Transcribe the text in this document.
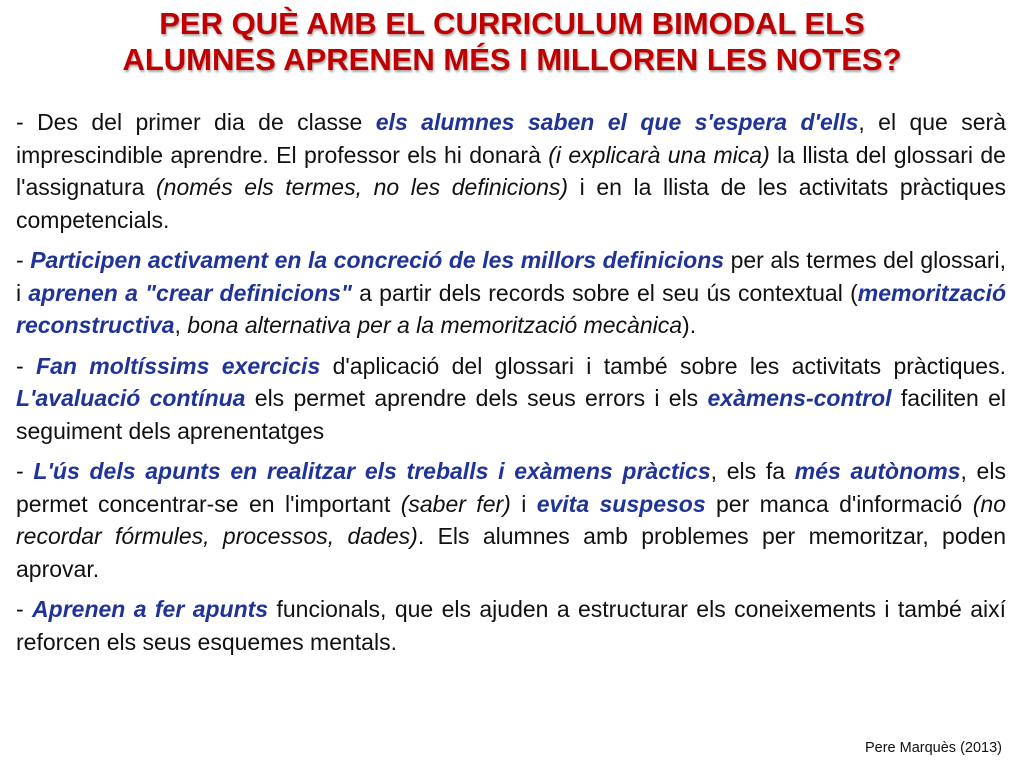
PER QUÈ AMB EL CURRICULUM BIMODAL ELS
ALUMNES APRENEN MÉS I MILLOREN LES NOTES?

- Des del primer dia de classe els alumnes saben el que s'espera d'ells, el que serà imprescindible aprendre. El professor els hi donarà (i explicarà una mica) la llista del glossari de l'assignatura (només els termes, no les definicions) i en la llista de les activitats pràctiques competencials.

- Participen activament en la concreció de les millors definicions per als termes del glossari, i aprenen a "crear definicions" a partir dels records sobre el seu ús contextual (memorització reconstructiva, bona alternativa per a la memorització mecànica).

- Fan moltíssims exercicis d'aplicació del glossari i també sobre les activitats pràctiques. L'avaluació contínua els permet aprendre dels seus errors i els exàmens-control faciliten el seguiment dels aprenentatges

- L'ús dels apunts en realitzar els treballs i exàmens pràctics, els fa més autònoms, els permet concentrar-se en l'important (saber fer) i evita suspesos per manca d'informació (no recordar fórmules, processos, dades). Els alumnes amb problemes per memoritzar, poden aprovar.

- Aprenen a fer apunts funcionals, que els ajuden a estructurar els coneixements i també així reforcen els seus esquemes mentals.

Pere Marquès (2013)
